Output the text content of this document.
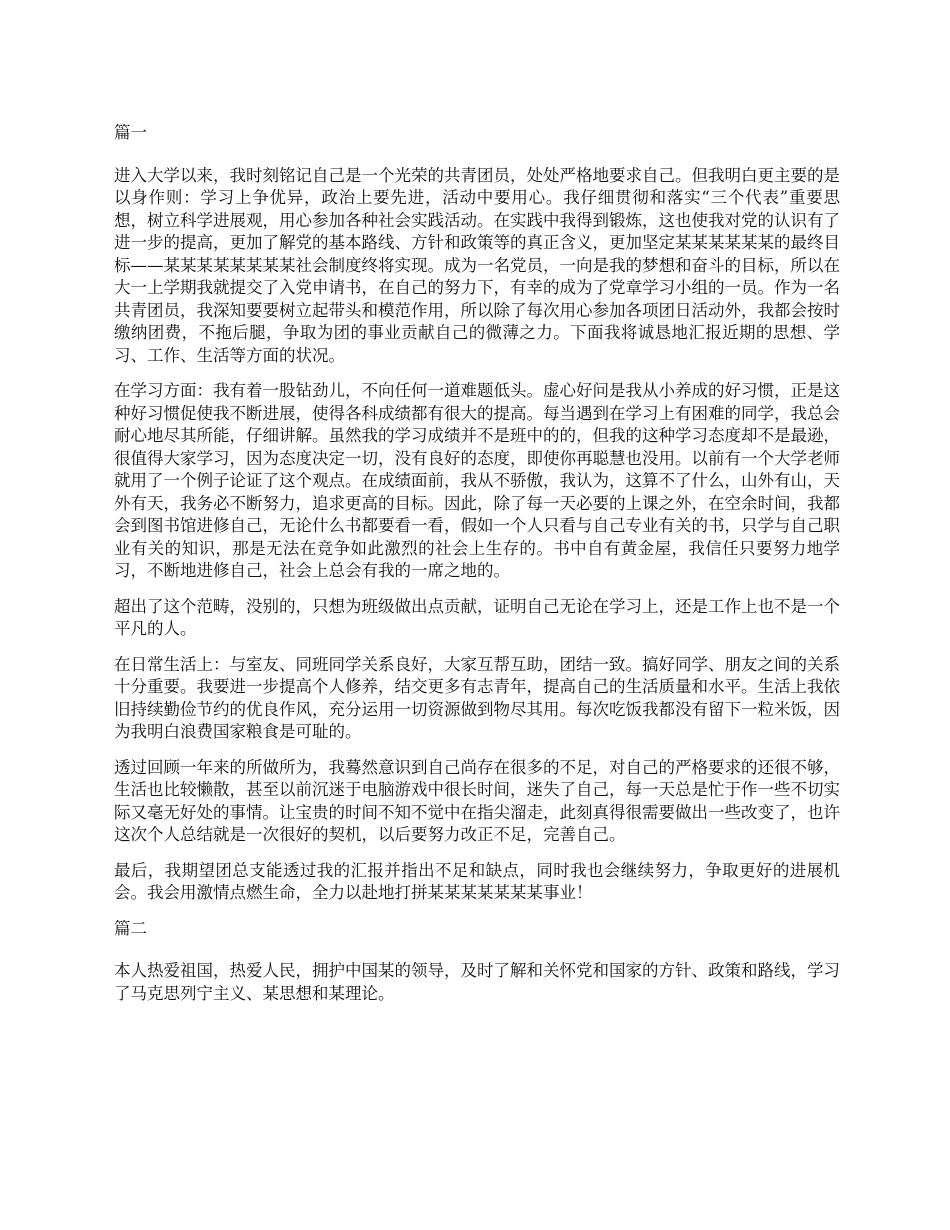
篇一

进入大学以来，我时刻铭记自己是一个光荣的共青团员，处处严格地要求自己。但我明白更主要的是以身作则：学习上争优异，政治上要先进，活动中要用心。我仔细贯彻和落实“三个代表”重要思想，树立科学进展观，用心参加各种社会实践活动。在实践中我得到锻炼，这也使我对党的认识有了进一步的提高，更加了解党的基本路线、方针和政策等的真正含义，更加坚定某某某某某某的最终目标——某某某某某某某某社会制度终将实现。成为一名党员，一向是我的梦想和奋斗的目标，所以在大一上学期我就提交了入党申请书，在自己的努力下，有幸的成为了党章学习小组的一员。作为一名共青团员，我深知要要树立起带头和模范作用，所以除了每次用心参加各项团日活动外，我都会按时缴纳团费，不拖后腿，争取为团的事业贡献自己的微薄之力。下面我将诚恳地汇报近期的思想、学习、工作、生活等方面的状况。

在学习方面：我有着一股钻劲儿，不向任何一道难题低头。虚心好问是我从小养成的好习惯，正是这种好习惯促使我不断进展，使得各科成绩都有很大的提高。每当遇到在学习上有困难的同学，我总会耐心地尽其所能，仔细讲解。虽然我的学习成绩并不是班中的的，但我的这种学习态度却不是最逊，很值得大家学习，因为态度决定一切，没有良好的态度，即使你再聪慧也没用。以前有一个大学老师就用了一个例子论证了这个观点。在成绩面前，我从不骄傲，我认为，这算不了什么，山外有山，天外有天，我务必不断努力，追求更高的目标。因此，除了每一天必要的上课之外，在空余时间，我都会到图书馆进修自己，无论什么书都要看一看，假如一个人只看与自己专业有关的书，只学与自己职业有关的知识，那是无法在竞争如此激烈的社会上生存的。书中自有黄金屋，我信任只要努力地学习，不断地进修自己，社会上总会有我的一席之地的。

超出了这个范畴，没别的，只想为班级做出点贡献，证明自己无论在学习上，还是工作上也不是一个平凡的人。

在日常生活上：与室友、同班同学关系良好，大家互帮互助，团结一致。搞好同学、朋友之间的关系十分重要。我要进一步提高个人修养，结交更多有志青年，提高自己的生活质量和水平。生活上我依旧持续勤俭节约的优良作风，充分运用一切资源做到物尽其用。每次吃饭我都没有留下一粒米饭，因为我明白浪费国家粮食是可耻的。

透过回顾一年来的所做所为，我蓦然意识到自己尚存在很多的不足，对自己的严格要求的还很不够，生活也比较懒散，甚至以前沉迷于电脑游戏中很长时间，迷失了自己，每一天总是忙于作一些不切实际又毫无好处的事情。让宝贵的时间不知不觉中在指尖溜走，此刻真得很需要做出一些改变了，也许这次个人总结就是一次很好的契机，以后要努力改正不足，完善自己。

最后，我期望团总支能透过我的汇报并指出不足和缺点，同时我也会继续努力，争取更好的进展机会。我会用激情点燃生命，全力以赴地打拼某某某某某某某事业！

篇二

本人热爱祖国，热爱人民，拥护中国某的领导，及时了解和关怀党和国家的方针、政策和路线，学习了马克思列宁主义、某思想和某理论。
